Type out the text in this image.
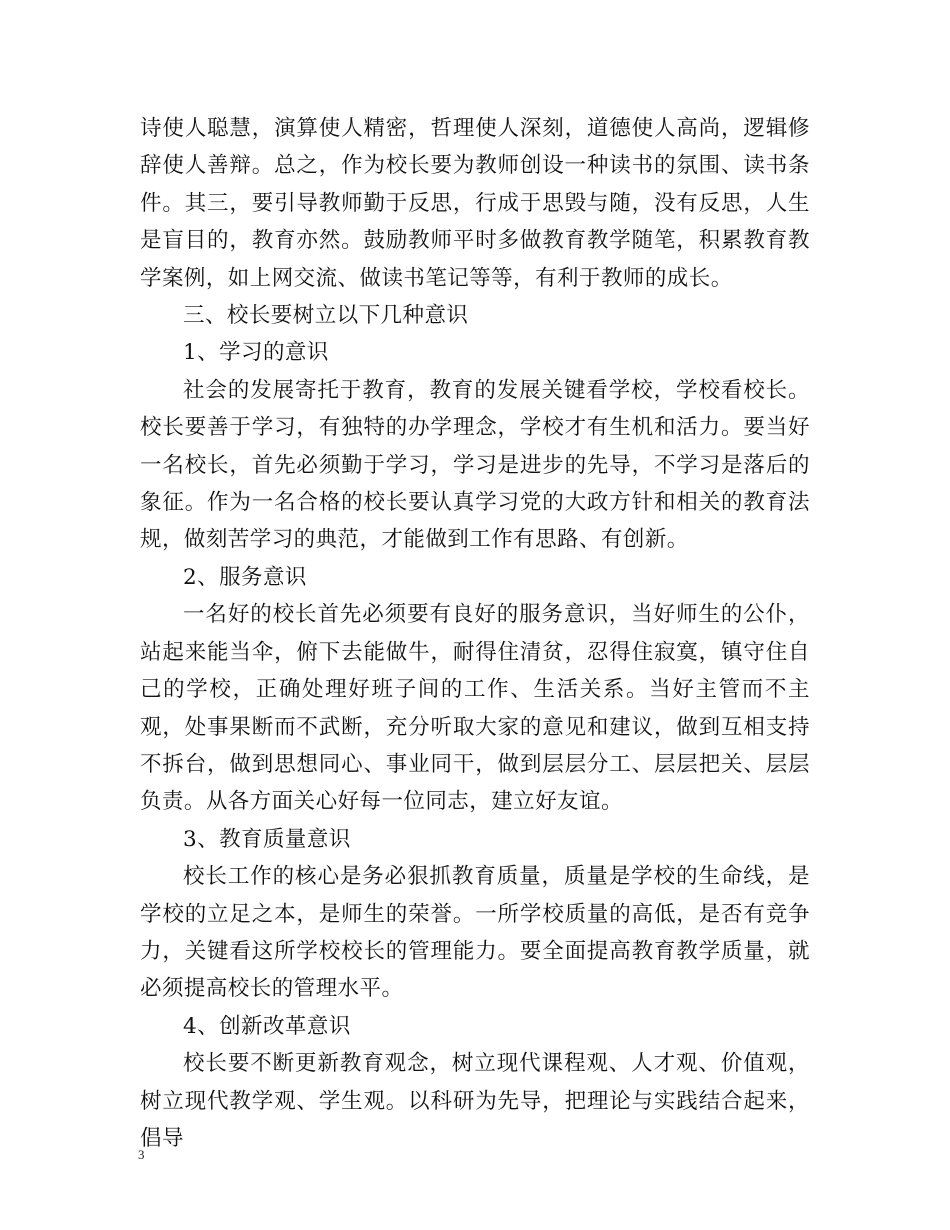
诗使人聪慧，演算使人精密，哲理使人深刻，道德使人高尚，逻辑修辞使人善辩。总之，作为校长要为教师创设一种读书的氛围、读书条件。其三，要引导教师勤于反思，行成于思毁与随，没有反思，人生是盲目的，教育亦然。鼓励教师平时多做教育教学随笔，积累教育教学案例，如上网交流、做读书笔记等等，有利于教师的成长。

三、校长要树立以下几种意识

1、学习的意识

社会的发展寄托于教育，教育的发展关键看学校，学校看校长。校长要善于学习，有独特的办学理念，学校才有生机和活力。要当好一名校长，首先必须勤于学习，学习是进步的先导，不学习是落后的象征。作为一名合格的校长要认真学习党的大政方针和相关的教育法规，做刻苦学习的典范，才能做到工作有思路、有创新。

2、服务意识

一名好的校长首先必须要有良好的服务意识，当好师生的公仆，站起来能当伞，俯下去能做牛，耐得住清贫，忍得住寂寞，镇守住自己的学校，正确处理好班子间的工作、生活关系。当好主管而不主观，处事果断而不武断，充分听取大家的意见和建议，做到互相支持不拆台，做到思想同心、事业同干，做到层层分工、层层把关、层层负责。从各方面关心好每一位同志，建立好友谊。

3、教育质量意识

校长工作的核心是务必狠抓教育质量，质量是学校的生命线，是学校的立足之本，是师生的荣誉。一所学校质量的高低，是否有竞争力，关键看这所学校校长的管理能力。要全面提高教育教学质量，就必须提高校长的管理水平。

4、创新改革意识

校长要不断更新教育观念，树立现代课程观、人才观、价值观，树立现代教学观、学生观。以科研为先导，把理论与实践结合起来，倡导

3
